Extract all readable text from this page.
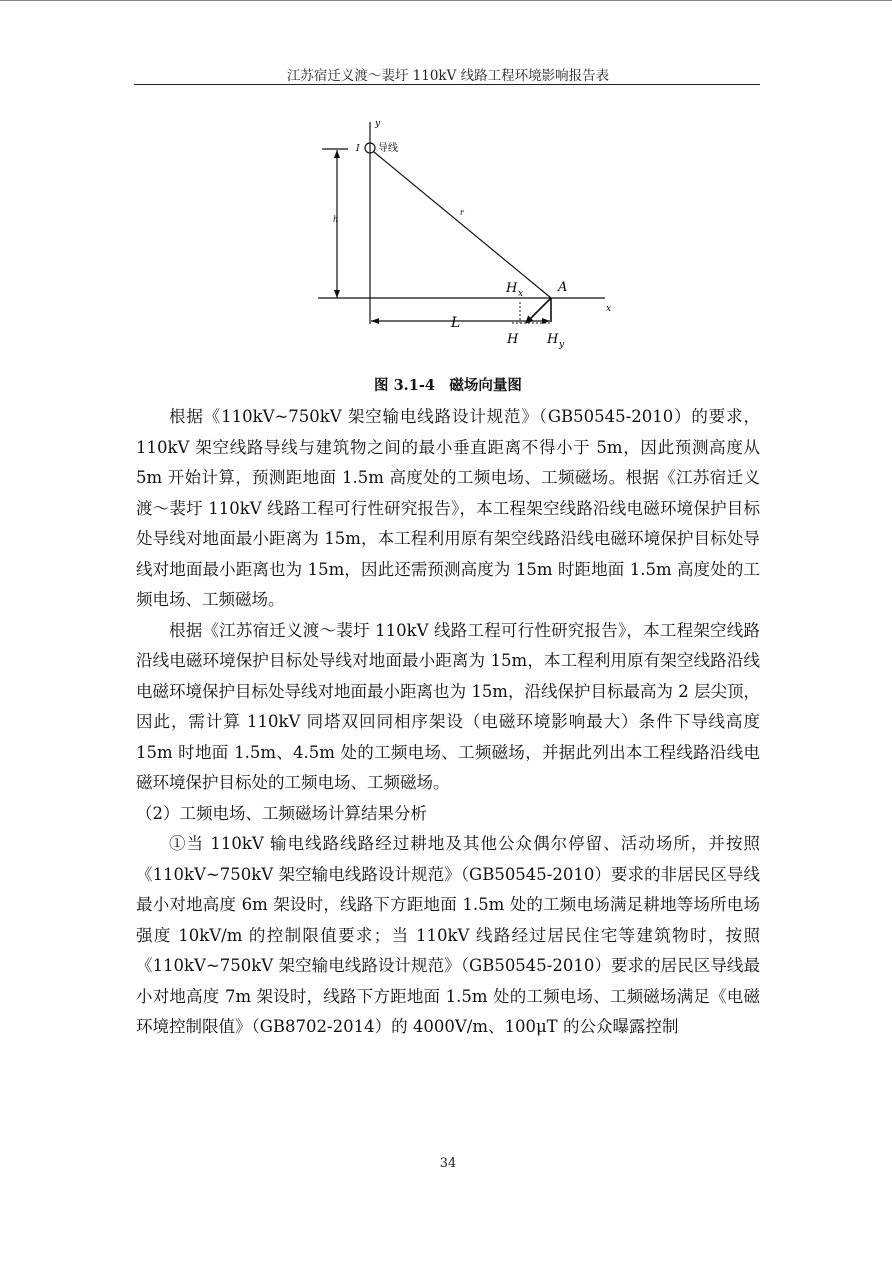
江苏宿迁义渡～裴圩 110kV 线路工程环境影响报告表
y
x
I 导线
h
r
A
H x
L
H H y
图 3.1-4　磁场向量图

根据《110kV~750kV 架空输电线路设计规范》（GB50545-2010）的要求，110kV 架空线路导线与建筑物之间的最小垂直距离不得小于 5m，因此预测高度从 5m 开始计算，预测距地面 1.5m 高度处的工频电场、工频磁场。根据《江苏宿迁义渡～裴圩 110kV 线路工程可行性研究报告》，本工程架空线路沿线电磁环境保护目标处导线对地面最小距离为 15m，本工程利用原有架空线路沿线电磁环境保护目标处导线对地面最小距离也为 15m，因此还需预测高度为 15m 时距地面 1.5m 高度处的工频电场、工频磁场。

根据《江苏宿迁义渡～裴圩 110kV 线路工程可行性研究报告》，本工程架空线路沿线电磁环境保护目标处导线对地面最小距离为 15m，本工程利用原有架空线路沿线电磁环境保护目标处导线对地面最小距离也为 15m，沿线保护目标最高为 2 层尖顶，因此，需计算 110kV 同塔双回同相序架设（电磁环境影响最大）条件下导线高度 15m 时地面 1.5m、4.5m 处的工频电场、工频磁场，并据此列出本工程线路沿线电磁环境保护目标处的工频电场、工频磁场。

（2）工频电场、工频磁场计算结果分析

①当 110kV 输电线路线路经过耕地及其他公众偶尔停留、活动场所，并按照《110kV~750kV 架空输电线路设计规范》（GB50545-2010）要求的非居民区导线最小对地高度 6m 架设时，线路下方距地面 1.5m 处的工频电场满足耕地等场所电场强度 10kV/m 的控制限值要求；当 110kV 线路经过居民住宅等建筑物时，按照《110kV~750kV 架空输电线路设计规范》（GB50545-2010）要求的居民区导线最小对地高度 7m 架设时，线路下方距地面 1.5m 处的工频电场、工频磁场满足《电磁环境控制限值》（GB8702-2014）的 4000V/m、100μT 的公众曝露控制

34
